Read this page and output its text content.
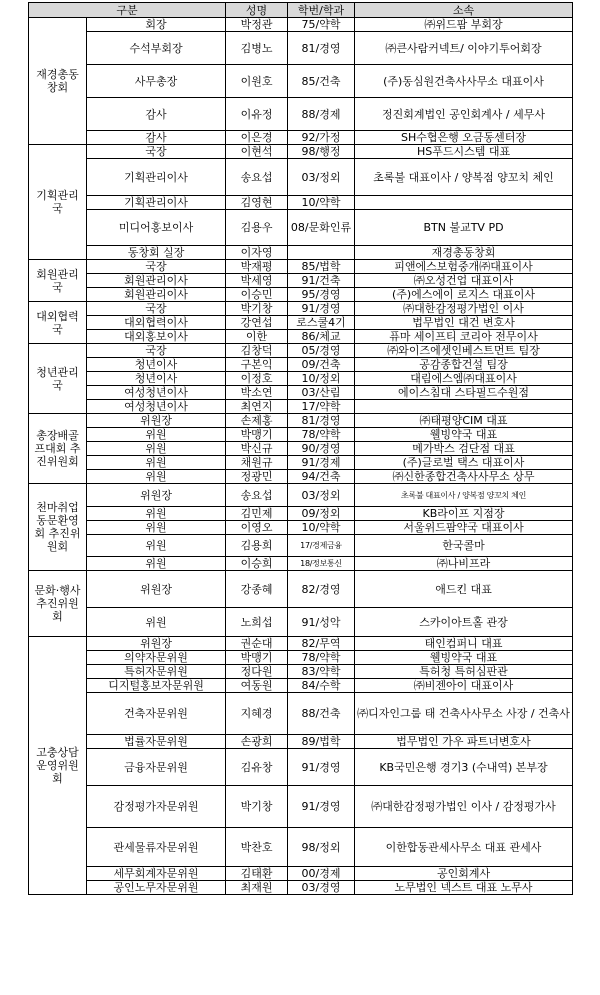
구분		성명	학번/학과	소속
재경총동창회	회장	박정관	75/약학	㈜위드팜 부회장
	수석부회장	김병노	81/경영	㈜큰사람커넥트/ 이야기투어회장
	사무총장	이원호	85/건축	(주)동심원건축사사무소 대표이사
	감사	이유정	88/경제	정진회계법인 공인회계사 / 세무사
	감사	이은경	92/가정	SH수협은행 오금동센터장
기획관리국	국장	이현석	98/행정	HS푸드시스템 대표
	기획관리이사	송요섭	03/정외	초록불 대표이사 / 양복점 양꼬치 체인
	기획관리이사	김영현	10/약학	
	미디어홍보이사	김용우	08/문화인류	BTN 불교TV PD
	동창회 실장	이자영		재경총동창회
회원관리국	국장	박재평	85/법학	피앤에스보험중개㈜대표이사
	회원관리이사	박세영	91/건축	㈜오성건업 대표이사
	회원관리이사	이승민	95/경영	(주)에스에이 로지스 대표이사
대외협력국	국장	박기창	91/경영	㈜대한감정평가법인 이사
	대외협력이사	강연섭	로스쿨4기	법무법인 대건 변호사
	대외홍보이사	이한	86/체교	퓨마 세이프티 코리아 전무이사
청년관리국	국장	김창덕	05/경영	㈜와이즈에셋인베스트먼트 팀장
	청년이사	구본익	09/건축	공감종합건설 팀장
	청년이사	이정호	10/정외	대림에스엠㈜대표이사
	여성청년이사	박소연	03/산림	에이스침대 스타필드수원점
	여성청년이사	최연지	17/약학	
총장배골프대회 추진위원회	위원장	손제홍	81/경영	㈜태평양CIM 대표
	위원	박맹기	78/약학	웰빙약국 대표
	위원	박신규	90/경영	메가박스 검단점 대표
	위원	채원규	91/경제	(주)글로벌 택스 대표이사
	위원	정광민	94/건축	㈜신한종합건축사사무소 상무
천마취업 동문환영회 추진위원회	위원장	송요섭	03/정외	초록불 대표이사 / 양복점 양꼬치 체인
	위원	김민제	09/정외	KB라이프 지점장
	위원	이영오	10/약학	서울위드팜약국 대표이사
	위원	김용희	17/경제금융	한국콜마
	위원	이승희	18/정보통신	㈜나비프라
문화·행사 추진위원회	위원장	강종혜	82/경영	애드킨 대표
	위원	노희섭	91/성악	스카이아트홀 관장
고충상담 운영위원회	위원장	권순대	82/무역	태인컴퍼니 대표
	의약자문위원	박맹기	78/약학	웰빙약국 대표
	특허자문위원	정다원	83/약학	특허청 특허심판관
	디지털홍보자문위원	여동원	84/수학	㈜비젠아이 대표이사
	건축자문위원	지혜경	88/건축	㈜디자인그룹 태 건축사사무소 사장 / 건축사
	법률자문위원	손광희	89/법학	법무법인 가우 파트너변호사
	금융자문위원	김유창	91/경영	KB국민은행 경기3 (수내역) 본부장
	감정평가자문위원	박기창	91/경영	㈜대한감정평가법인 이사 / 감정평가사
	관세물류자문위원	박찬호	98/정외	이한합동관세사무소 대표 관세사
	세무회계자문위원	김태환	00/경제	공인회계사
	공인노무자문위원	최재원	03/경영	노무법인 넥스트 대표 노무사
